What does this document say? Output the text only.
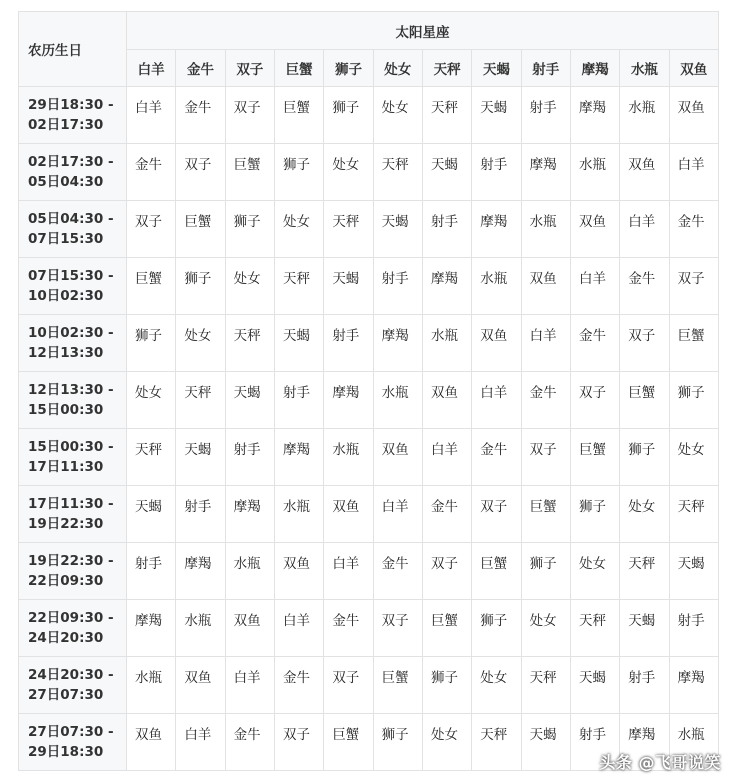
农历生日	太阳星座											
	白羊	金牛	双子	巨蟹	狮子	处女	天秤	天蝎	射手	摩羯	水瓶	双鱼

29日18:30 -
02日17:30	白羊	金牛	双子	巨蟹	狮子	处女	天秤	天蝎	射手	摩羯	水瓶	双鱼

02日17:30 -
05日04:30	金牛	双子	巨蟹	狮子	处女	天秤	天蝎	射手	摩羯	水瓶	双鱼	白羊

05日04:30 -
07日15:30	双子	巨蟹	狮子	处女	天秤	天蝎	射手	摩羯	水瓶	双鱼	白羊	金牛

07日15:30 -
10日02:30	巨蟹	狮子	处女	天秤	天蝎	射手	摩羯	水瓶	双鱼	白羊	金牛	双子

10日02:30 -
12日13:30	狮子	处女	天秤	天蝎	射手	摩羯	水瓶	双鱼	白羊	金牛	双子	巨蟹

12日13:30 -
15日00:30	处女	天秤	天蝎	射手	摩羯	水瓶	双鱼	白羊	金牛	双子	巨蟹	狮子

15日00:30 -
17日11:30	天秤	天蝎	射手	摩羯	水瓶	双鱼	白羊	金牛	双子	巨蟹	狮子	处女

17日11:30 -
19日22:30	天蝎	射手	摩羯	水瓶	双鱼	白羊	金牛	双子	巨蟹	狮子	处女	天秤

19日22:30 -
22日09:30	射手	摩羯	水瓶	双鱼	白羊	金牛	双子	巨蟹	狮子	处女	天秤	天蝎

22日09:30 -
24日20:30	摩羯	水瓶	双鱼	白羊	金牛	双子	巨蟹	狮子	处女	天秤	天蝎	射手

24日20:30 -
27日07:30	水瓶	双鱼	白羊	金牛	双子	巨蟹	狮子	处女	天秤	天蝎	射手	摩羯

27日07:30 -
29日18:30	双鱼	白羊	金牛	双子	巨蟹	狮子	处女	天秤	天蝎	射手	摩羯	水瓶
头条 @飞哥说笑
